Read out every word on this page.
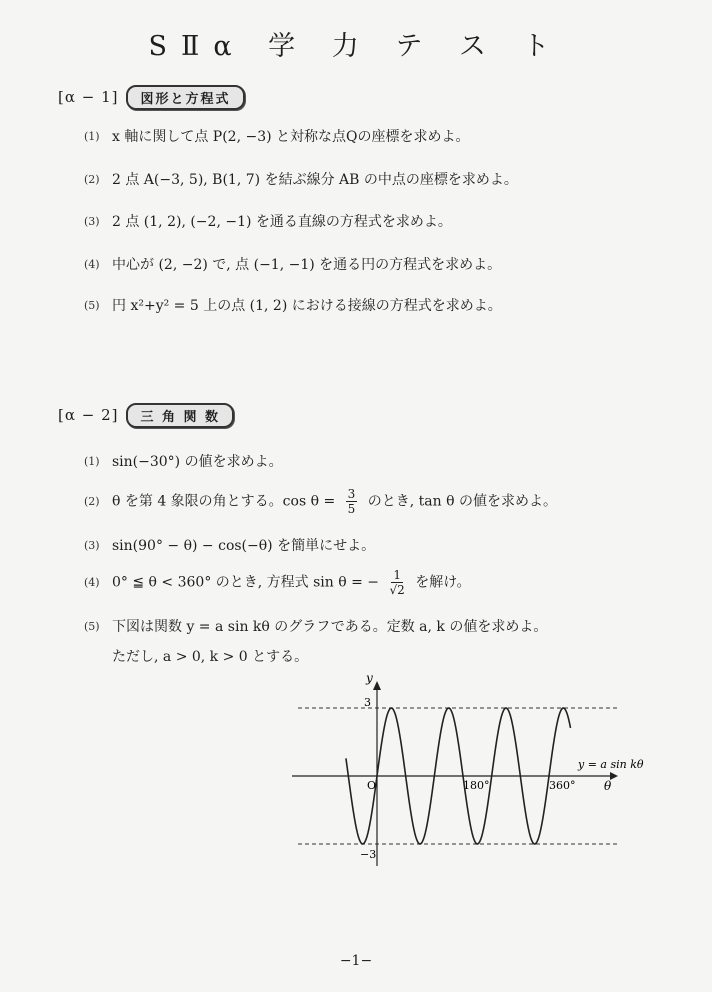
SⅡα 学 力 テ ス ト
[α − 1]	図形と方程式
(1) x 軸に関して点 P(2, −3) と対称な点Qの座標を求めよ。
(2) 2 点 A(−3, 5), B(1, 7) を結ぶ線分 AB の中点の座標を求めよ。
(3) 2 点 (1, 2), (−2, −1) を通る直線の方程式を求めよ。
(4) 中心が (2, −2) で, 点 (−1, −1) を通る円の方程式を求めよ。
(5) 円 x²+y² = 5 上の点 (1, 2) における接線の方程式を求めよ。
[α − 2]	三 角 関 数
(1) sin(−30°) の値を求めよ。
(2) θ を第 4 象限の角とする。$\cos \theta = \frac{3}{5}$ のとき, tan θ の値を求めよ。
(3) sin(90° − θ) − cos(−θ) を簡単にせよ。
(4) 0° ≦ θ < 360° のとき, 方程式 sin θ = − $\frac{1}{√2}$ を解け。
(5) 下図は関数 y = a sin kθ のグラフである。定数 a, k の値を求めよ。
ただし, a > 0, k > 0 とする。
y
3
−3
O	180°	360° θ
y = a sin kθ
−1−
